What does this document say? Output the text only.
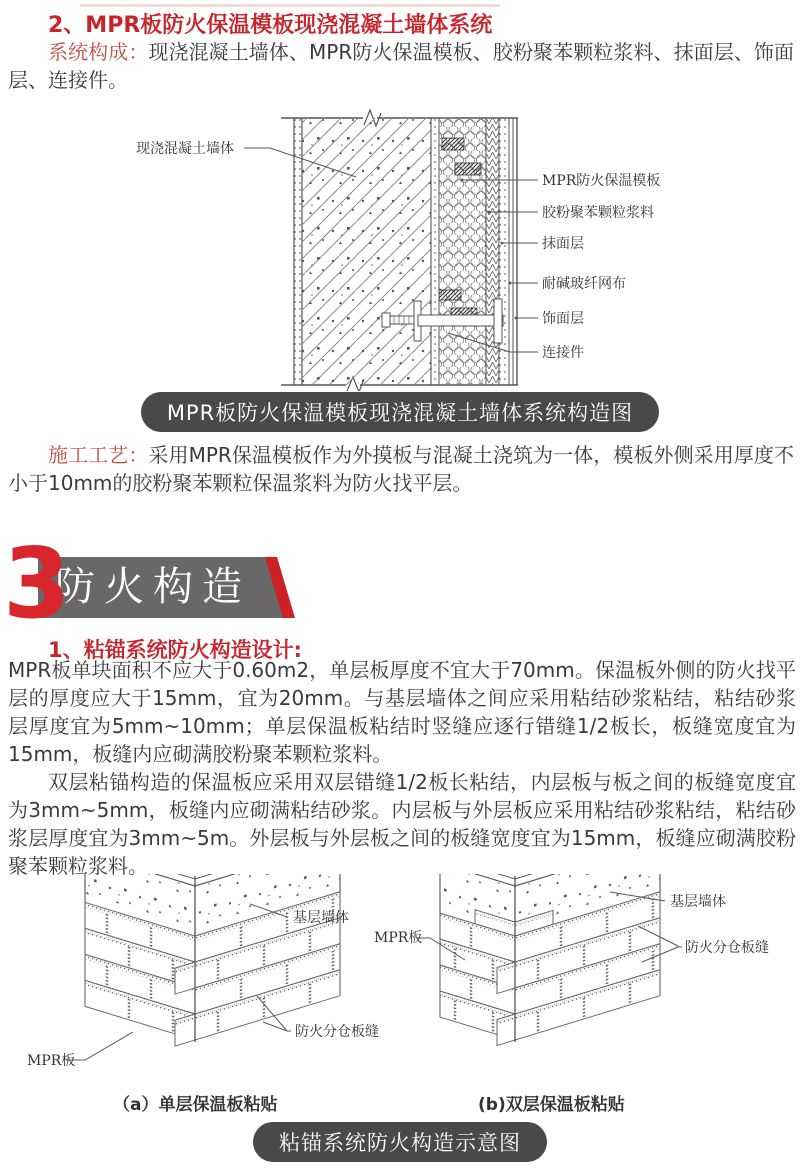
2、MPR板防火保温模板现浇混凝土墙体系统
系统构成：现浇混凝土墙体、MPR防火保温模板、胶粉聚苯颗粒浆料、抹面层、饰面层、连接件。
现浇混凝土墙体
MPR防火保温模板
胶粉聚苯颗粒浆料
抹面层
耐碱玻纤网布
饰面层
连接件
MPR板防火保温模板现浇混凝土墙体系统构造图
施工工艺：采用MPR保温模板作为外摸板与混凝土浇筑为一体，模板外侧采用厚度不小于10mm的胶粉聚苯颗粒保温浆料为防火找平层。
防火构造
3
1、粘锚系统防火构造设计:
MPR板单块面积不应大于0.60m2，单层板厚度不宜大于70mm。保温板外侧的防火找平层的厚度应大于15mm，宜为20mm。与基层墙体之间应采用粘结砂浆粘结，粘结砂浆层厚度宜为5mm~10mm；单层保温板粘结时竖缝应逐行错缝1/2板长，板缝宽度宜为15mm，板缝内应砌满胶粉聚苯颗粒浆料。
双层粘锚构造的保温板应采用双层错缝1/2板长粘结，内层板与板之间的板缝宽度宜为3mm~5mm，板缝内应砌满粘结砂浆。内层板与外层板应采用粘结砂浆粘结，粘结砂浆层厚度宜为3mm~5m。外层板与外层板之间的板缝宽度宜为15mm，板缝应砌满胶粉聚苯颗粒浆料。
基层墙体
防火分仓板缝
MPR板
（a）单层保温板粘贴
基层墙体
防火分仓板缝
MPR板
(b)双层保温板粘贴
粘锚系统防火构造示意图
